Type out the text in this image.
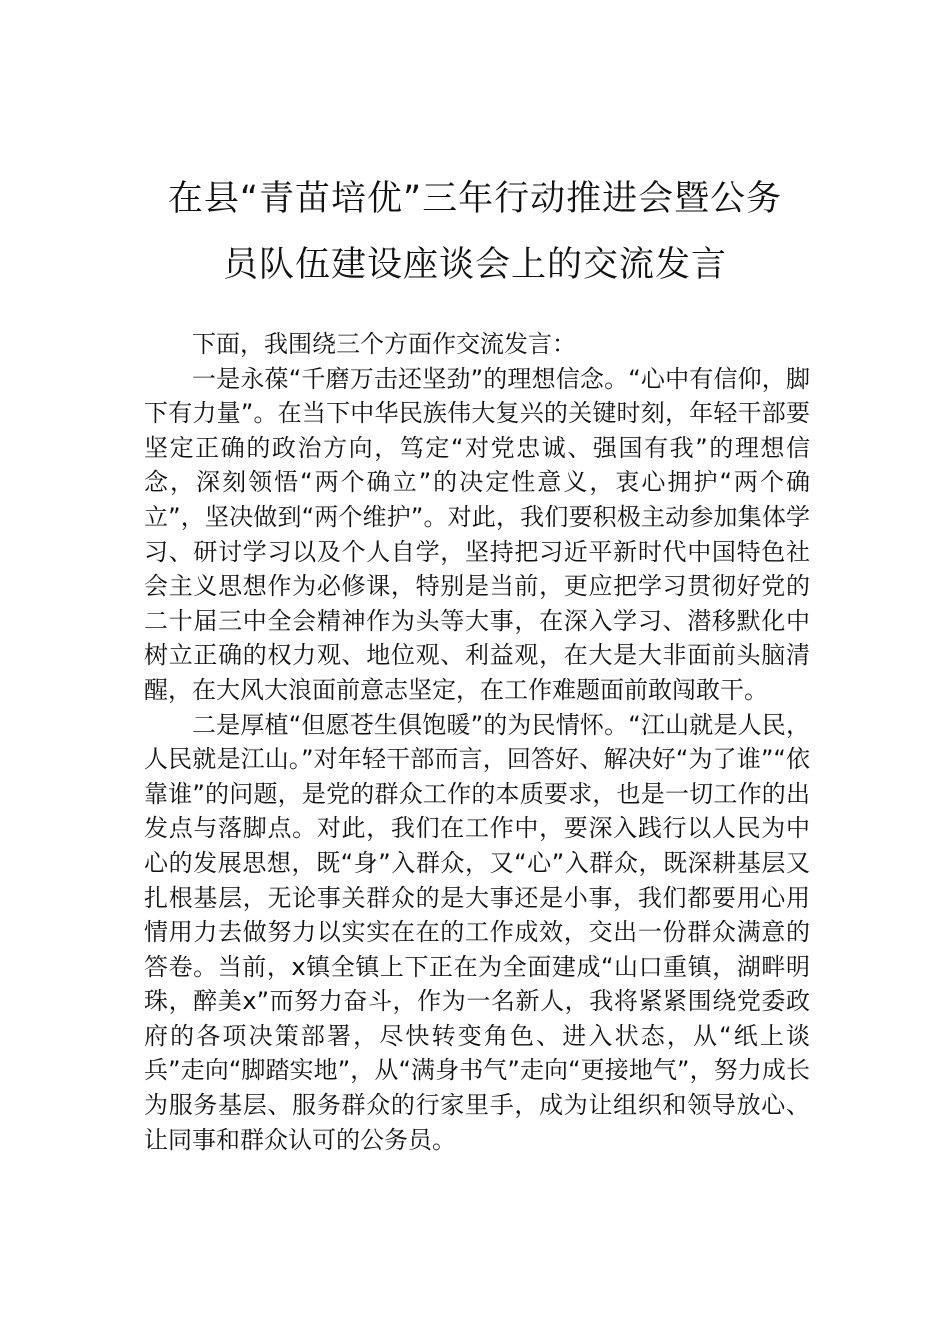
在县“青苗培优”三年行动推进会暨公务
员队伍建设座谈会上的交流发言

下面，我围绕三个方面作交流发言：

一是永葆“千磨万击还坚劲”的理想信念。“心中有信仰，脚下有力量”。在当下中华民族伟大复兴的关键时刻，年轻干部要坚定正确的政治方向，笃定“对党忠诚、强国有我”的理想信念，深刻领悟“两个确立”的决定性意义，衷心拥护“两个确立”，坚决做到“两个维护”。对此，我们要积极主动参加集体学习、研讨学习以及个人自学，坚持把习近平新时代中国特色社会主义思想作为必修课，特别是当前，更应把学习贯彻好党的二十届三中全会精神作为头等大事，在深入学习、潜移默化中树立正确的权力观、地位观、利益观，在大是大非面前头脑清醒，在大风大浪面前意志坚定，在工作难题面前敢闯敢干。

二是厚植“但愿苍生俱饱暖”的为民情怀。“江山就是人民，人民就是江山。”对年轻干部而言，回答好、解决好“为了谁”“依靠谁”的问题，是党的群众工作的本质要求，也是一切工作的出发点与落脚点。对此，我们在工作中，要深入践行以人民为中心的发展思想，既“身”入群众，又“心”入群众，既深耕基层又扎根基层，无论事关群众的是大事还是小事，我们都要用心用情用力去做努力以实实在在的工作成效，交出一份群众满意的答卷。当前，x镇全镇上下正在为全面建成“山口重镇，湖畔明珠，醉美x”而努力奋斗，作为一名新人，我将紧紧围绕党委政府的各项决策部署，尽快转变角色、进入状态，从“纸上谈兵”走向“脚踏实地”，从“满身书气”走向“更接地气”，努力成长为服务基层、服务群众的行家里手，成为让组织和领导放心、让同事和群众认可的公务员。
